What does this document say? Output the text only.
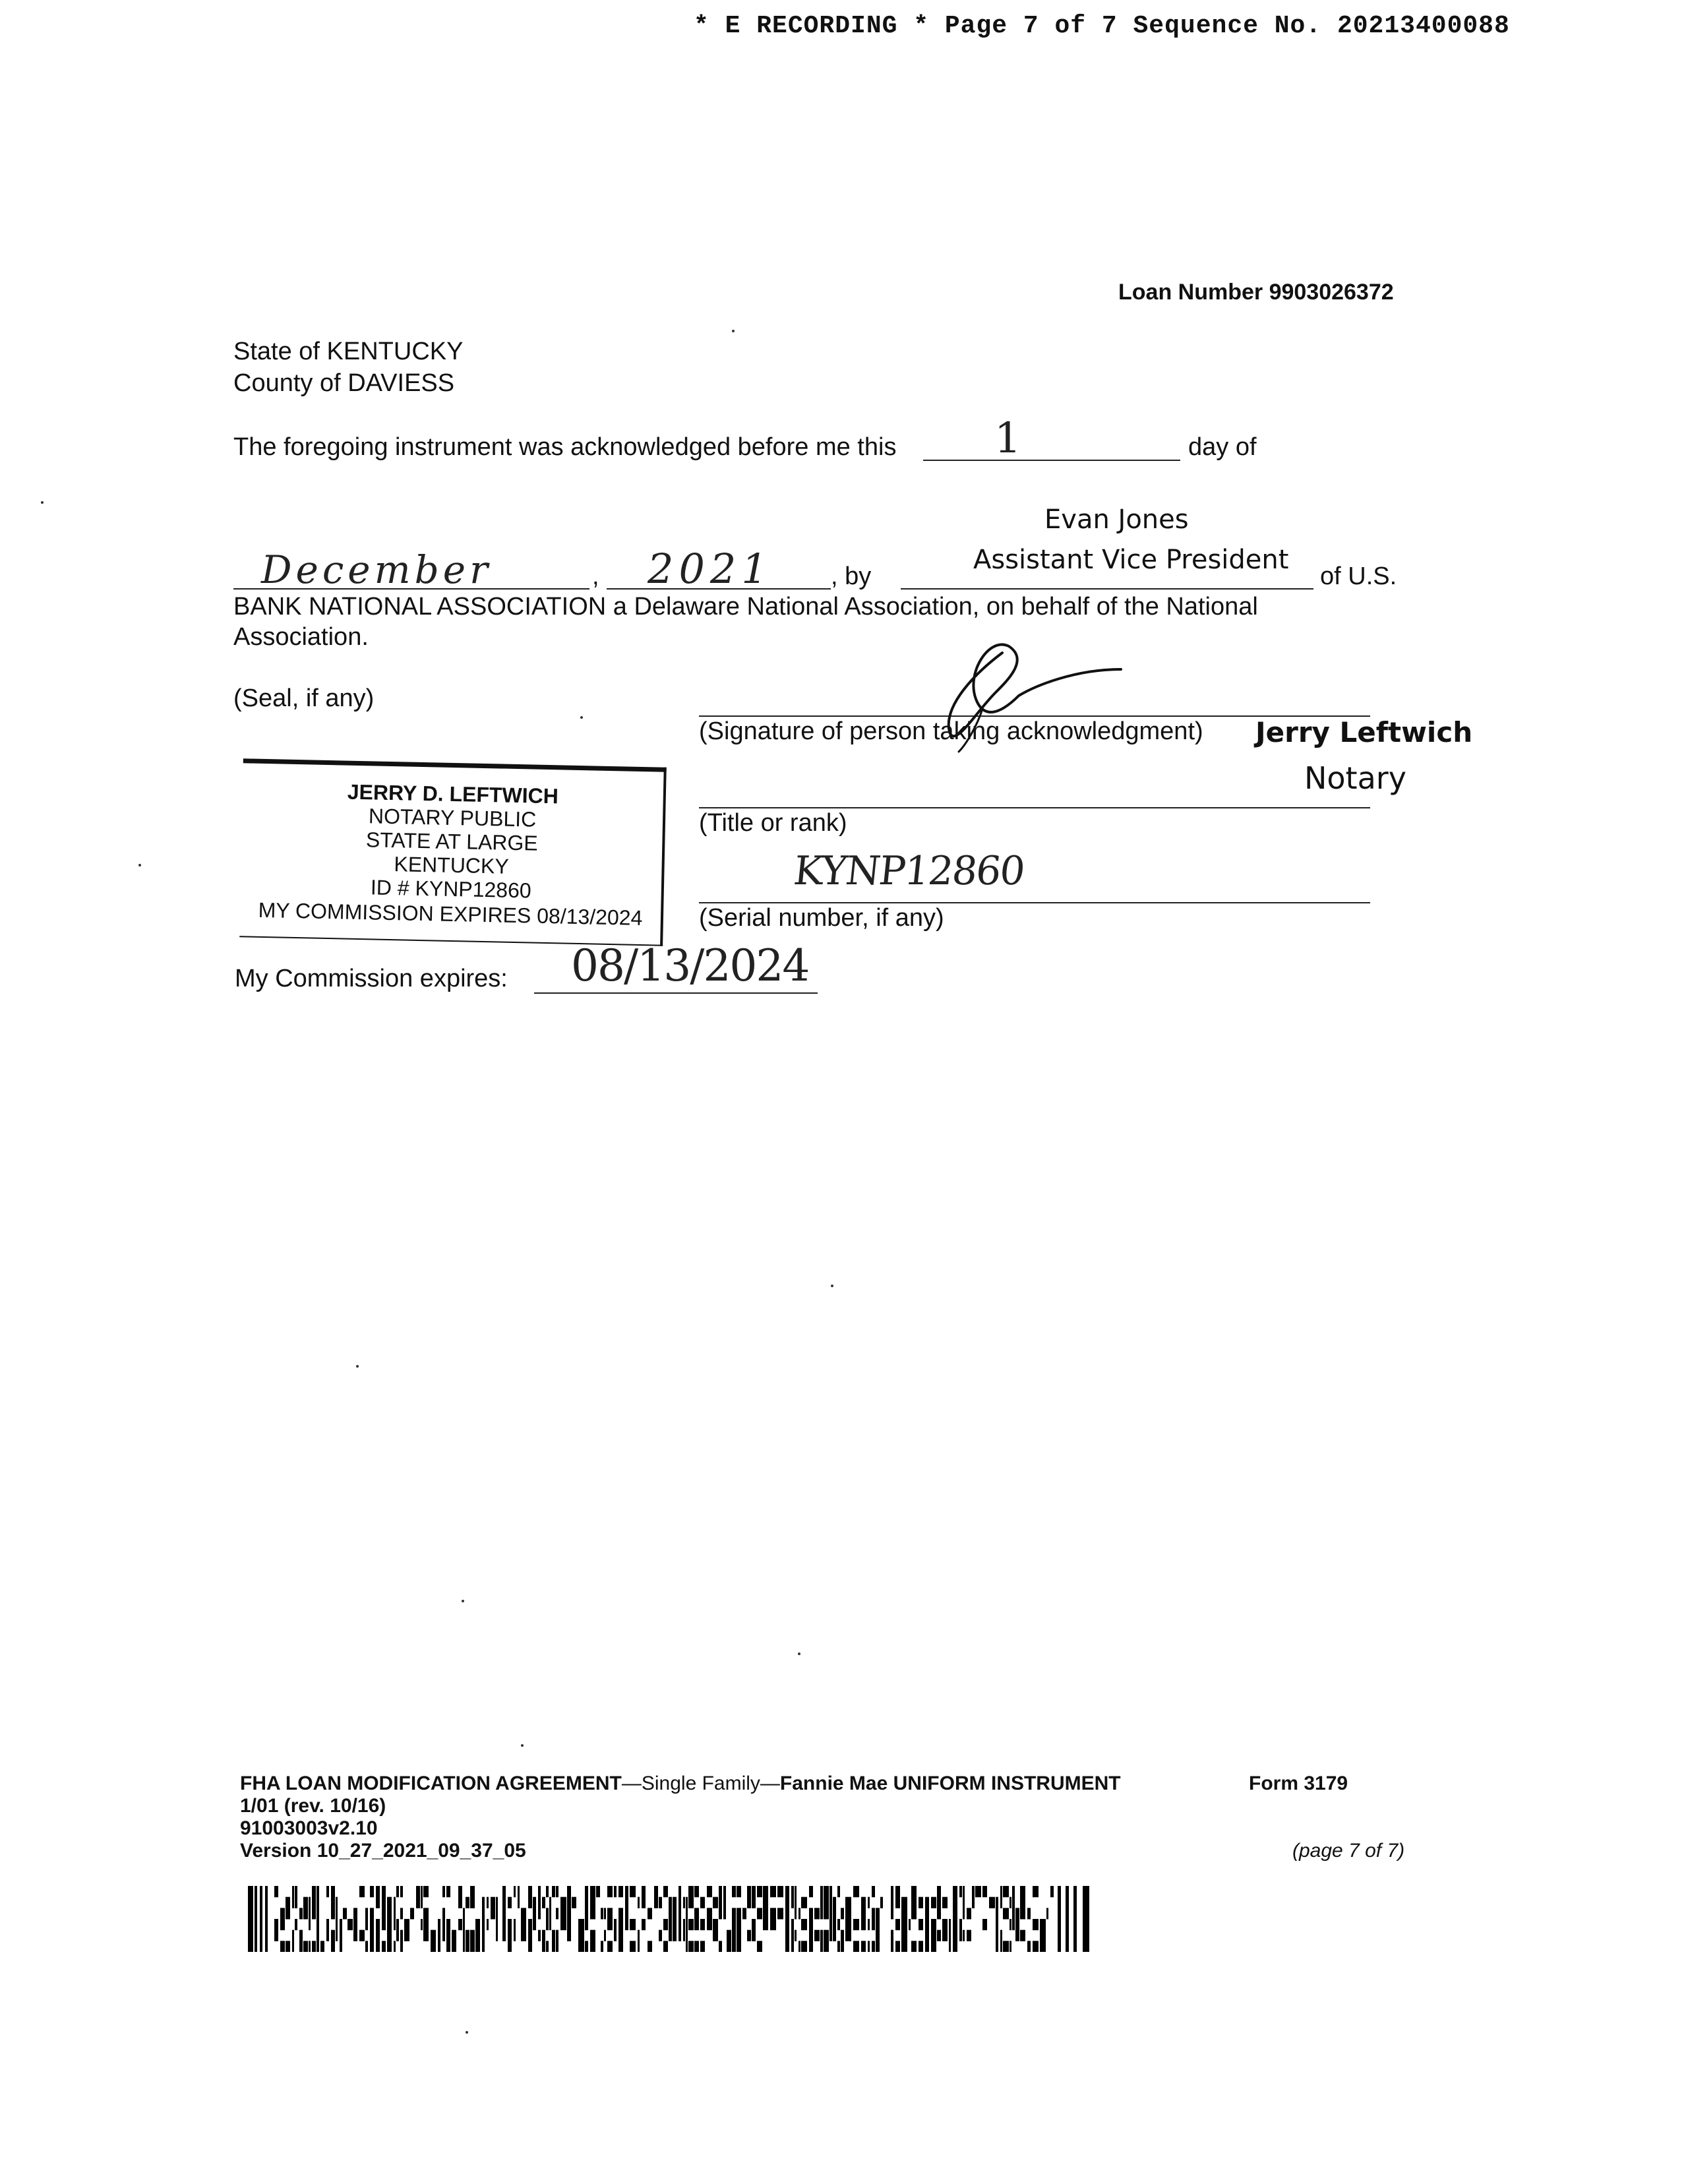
* E RECORDING * Page 7 of 7 Sequence No. 20213400088
Loan Number 9903026372
State of KENTUCKY
County of DAVIESS
The foregoing instrument was acknowledged before me this 1	day of
Evan Jones
December	, 2021 , by
Assistant Vice President
of U.S.
BANK NATIONAL ASSOCIATION a Delaware National Association, on behalf of the National
Association.
(Seal, if any)
(Signature of person taking acknowledgment) Jerry Leftwich
JERRY D. LEFTWICH
NOTARY PUBLIC
STATE AT LARGE
KENTUCKY
ID # KYNP12860
MY COMMISSION EXPIRES 08/13/2024
Notary
(Title or rank)
KYNP12860
(Serial number, if any)
My Commission expires: 08/13/2024
FHA LOAN MODIFICATION AGREEMENT—Single Family—Fannie Mae UNIFORM INSTRUMENT	Form 3179
1/01 (rev. 10/16)
91003003v2.10
Version 10_27_2021_09_37_05	(page 7 of 7)
